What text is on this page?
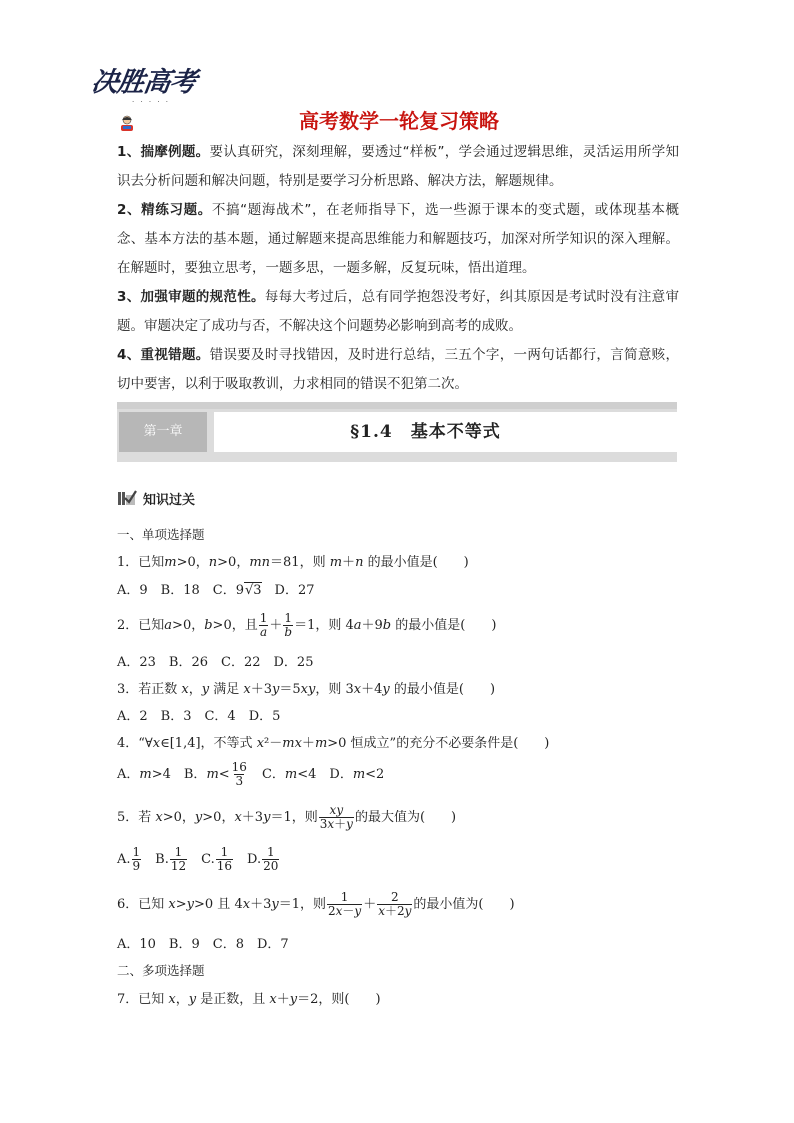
决胜高考
· · · · ·
高考数学一轮复习策略
1、揣摩例题。要认真研究，深刻理解，要透过“样板”，学会通过逻辑思维，灵活运用所学知识去分析问题和解决问题，特别是要学习分析思路、解决方法，解题规律。
2、精练习题。不搞“题海战术”，在老师指导下，选一些源于课本的变式题，或体现基本概念、基本方法的基本题，通过解题来提高思维能力和解题技巧，加深对所学知识的深入理解。在解题时，要独立思考，一题多思，一题多解，反复玩味，悟出道理。
3、加强审题的规范性。每每大考过后，总有同学抱怨没考好，纠其原因是考试时没有注意审题。审题决定了成功与否，不解决这个问题势必影响到高考的成败。
4、重视错题。错误要及时寻找错因，及时进行总结，三五个字，一两句话都行，言简意赅，切中要害，以利于吸取教训，力求相同的错误不犯第二次。
第一章	§1.4　基本不等式
知识过关
一、单项选择题
1．已知m>0，n>0，mn＝81，则 m＋n 的最小值是(　　)
A．9　B．18　C．9√3　D．27
2．已知a>0，b>0，且 $\frac{1}{a} + \frac{1}{b} =1$，则 4a＋9b 的最小值是(　　)
A．23　B．26　C．22　D．25
3．若正数 x，y 满足 x＋3y＝5xy，则 3x＋4y 的最小值是(　　)
A．2　B．3　C．4　D．5
4．“∀x∈[1,4]，不等式 x²－mx＋m>0 恒成立”的充分不必要条件是(　　)
A．m>4　B．$m< \frac{16}{3}$ 　C．m<4　D．m<2
5．若 x>0，y>0，x＋3y＝1，则 $\frac{xy}{3x+y}$ 的最大值为(　　)
A. $\frac{1}{9}$ 　B. $\frac{1}{12}$ 　C. $\frac{1}{16}$ 　D. $\frac{1}{20}$
6．已知 x>y>0 且 4x＋3y＝1，则 $\frac{1}{2x-y} + \frac{2}{x+2y}$ 的最小值为(　　)
A．10　B．9　C．8　D．7
二、多项选择题
7．已知 x，y 是正数，且 x＋y＝2，则(　　)
